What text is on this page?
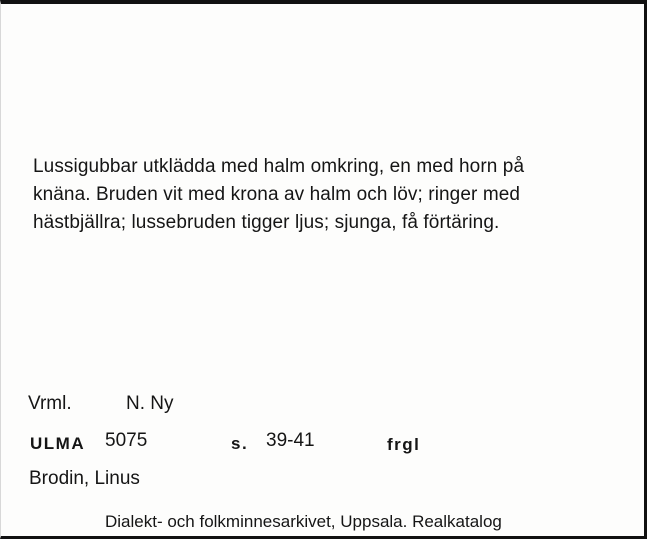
Lussigubbar utklädda med halm omkring, en med horn på
knäna. Bruden vit med krona av halm och löv; ringer med
hästbjällra; lussebruden tigger ljus; sjunga, få förtäring.

Vrml.	N. Ny
ULMA 5075	s. 39-41	frgl
Brodin, Linus
Dialekt- och folkminnesarkivet, Uppsala. Realkatalog
